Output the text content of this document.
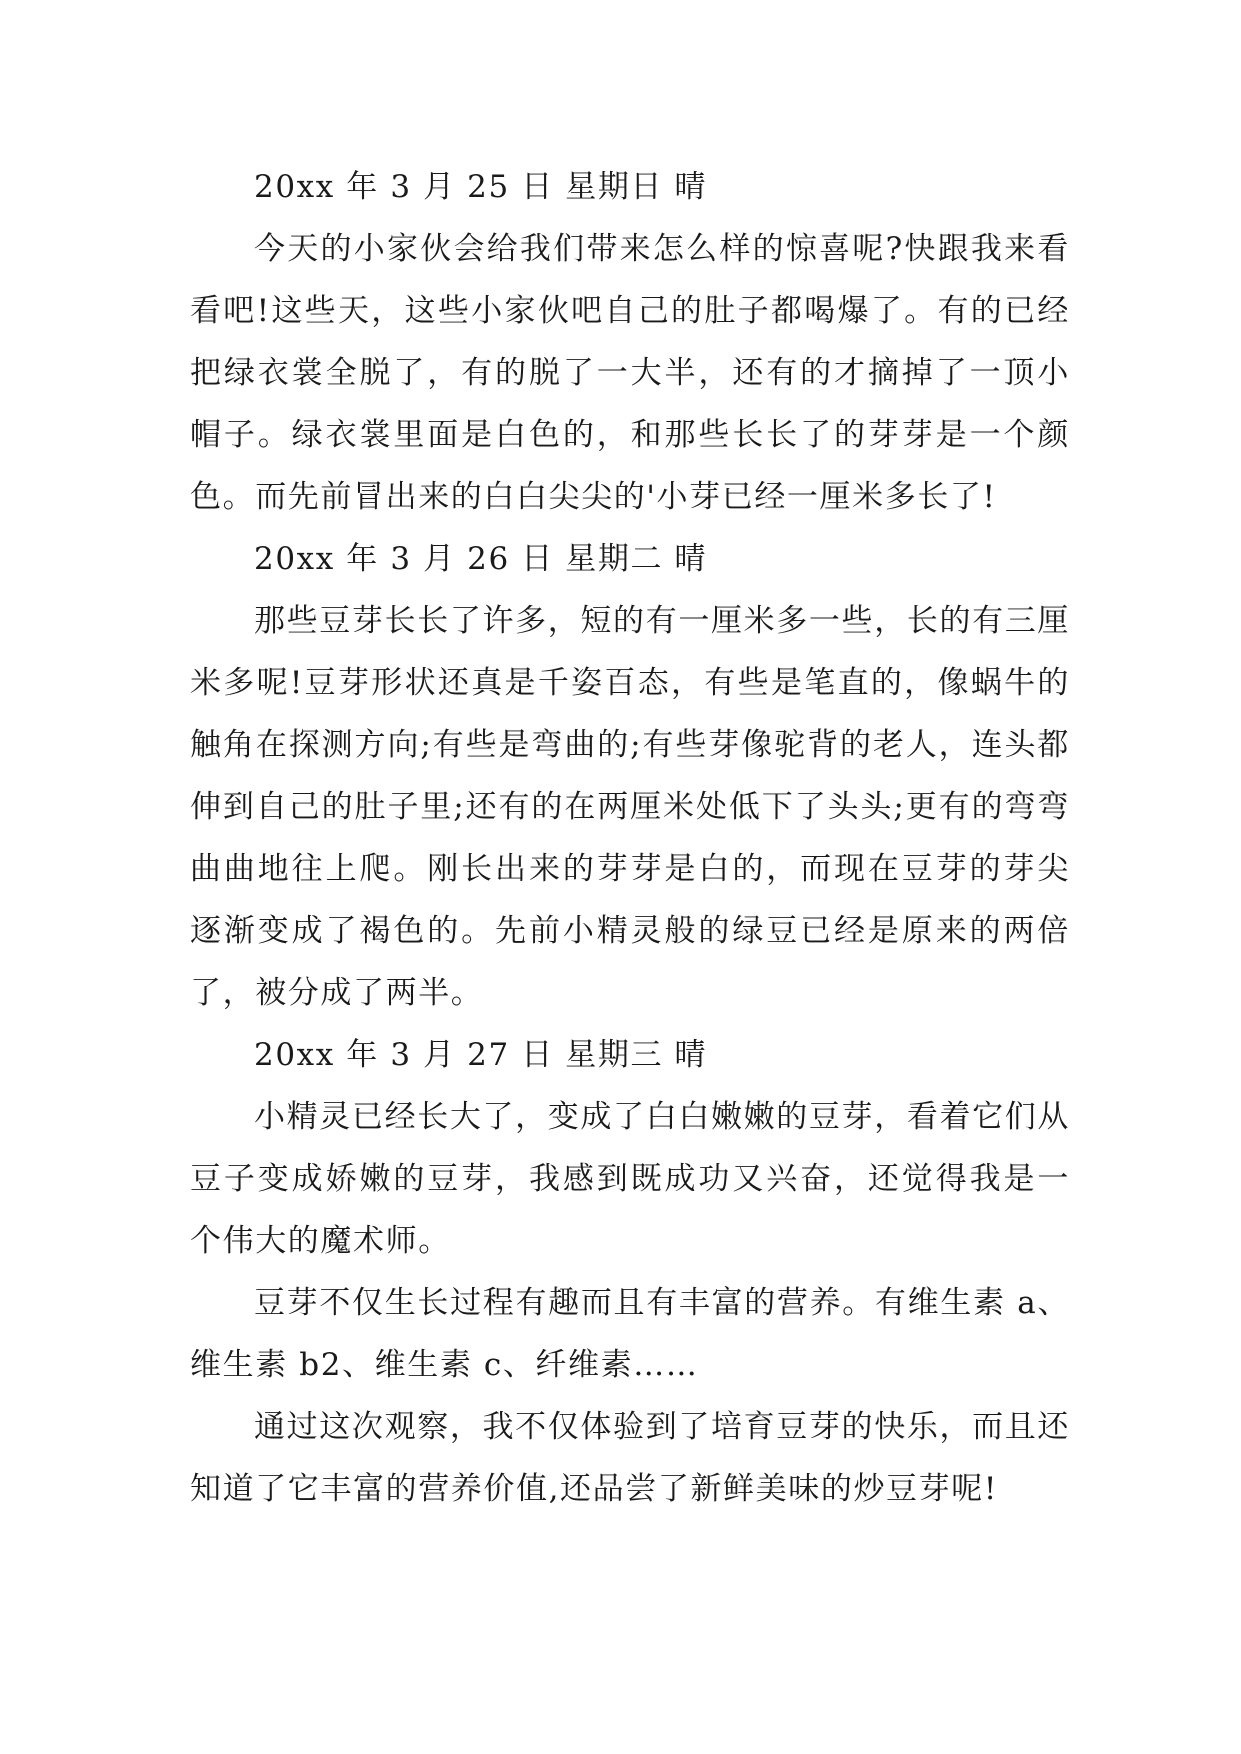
20xx 年 3 月 25 日 星期日 晴

今天的小家伙会给我们带来怎么样的惊喜呢?快跟我来看看吧!这些天，这些小家伙吧自己的肚子都喝爆了。有的已经把绿衣裳全脱了，有的脱了一大半，还有的才摘掉了一顶小帽子。绿衣裳里面是白色的，和那些长长了的芽芽是一个颜色。而先前冒出来的白白尖尖的'小芽已经一厘米多长了!

20xx 年 3 月 26 日 星期二 晴

那些豆芽长长了许多，短的有一厘米多一些，长的有三厘米多呢!豆芽形状还真是千姿百态，有些是笔直的，像蜗牛的触角在探测方向;有些是弯曲的;有些芽像驼背的老人，连头都伸到自己的肚子里;还有的在两厘米处低下了头头;更有的弯弯曲曲地往上爬。刚长出来的芽芽是白的，而现在豆芽的芽尖逐渐变成了褐色的。先前小精灵般的绿豆已经是原来的两倍了，被分成了两半。

20xx 年 3 月 27 日 星期三 晴

小精灵已经长大了，变成了白白嫩嫩的豆芽，看着它们从豆子变成娇嫩的豆芽，我感到既成功又兴奋，还觉得我是一个伟大的魔术师。

豆芽不仅生长过程有趣而且有丰富的营养。有维生素 a、维生素 b2、维生素 c、纤维素……

通过这次观察，我不仅体验到了培育豆芽的快乐，而且还知道了它丰富的营养价值,还品尝了新鲜美味的炒豆芽呢!
